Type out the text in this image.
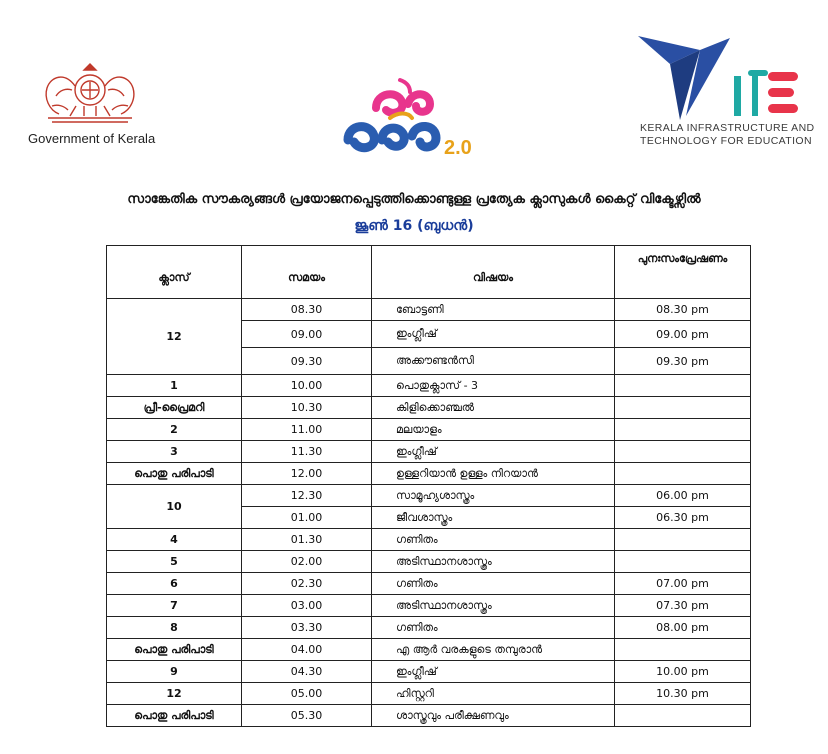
Government of Kerala	2.0
KERALA INFRASTRUCTURE AND
TECHNOLOGY FOR EDUCATION
സാങ്കേതിക സൗകര്യങ്ങൾ പ്രയോജനപ്പെടുത്തിക്കൊണ്ടുള്ള പ്രത്യേക ക്ലാസുകൾ കൈറ്റ് വിക്ടേഴ്സിൽ
ജൂൺ 16 (ബുധൻ)
ക്ലാസ്	സമയം	വിഷയം	പുനഃസംപ്രേഷണം
12	08.30	ബോട്ടണി	08.30 pm
	09.00	ഇംഗ്ലീഷ്	09.00 pm
	09.30	അക്കൗണ്ടൻസി	09.30 pm
1	10.00	പൊതുക്ലാസ് - 3	
പ്രീ-പ്രൈമറി	10.30	കിളിക്കൊഞ്ചൽ	
2	11.00	മലയാളം	
3	11.30	ഇംഗ്ലീഷ്	
പൊതു പരിപാടി	12.00	ഉള്ളറിയാൻ ഉള്ളം നിറയാൻ	
10	12.30	സാമൂഹ്യശാസ്ത്രം	06.00 pm
	01.00	ജീവശാസ്ത്രം	06.30 pm
4	01.30	ഗണിതം	
5	02.00	അടിസ്ഥാനശാസ്ത്രം	
6	02.30	ഗണിതം	07.00 pm
7	03.00	അടിസ്ഥാനശാസ്ത്രം	07.30 pm
8	03.30	ഗണിതം	08.00 pm
പൊതു പരിപാടി	04.00	എ ആർ വരകളുടെ തമ്പുരാൻ	
9	04.30	ഇംഗ്ലീഷ്	10.00 pm
12	05.00	ഹിസ്റ്ററി	10.30 pm
പൊതു പരിപാടി	05.30	ശാസ്ത്രവും പരീക്ഷണവും	
